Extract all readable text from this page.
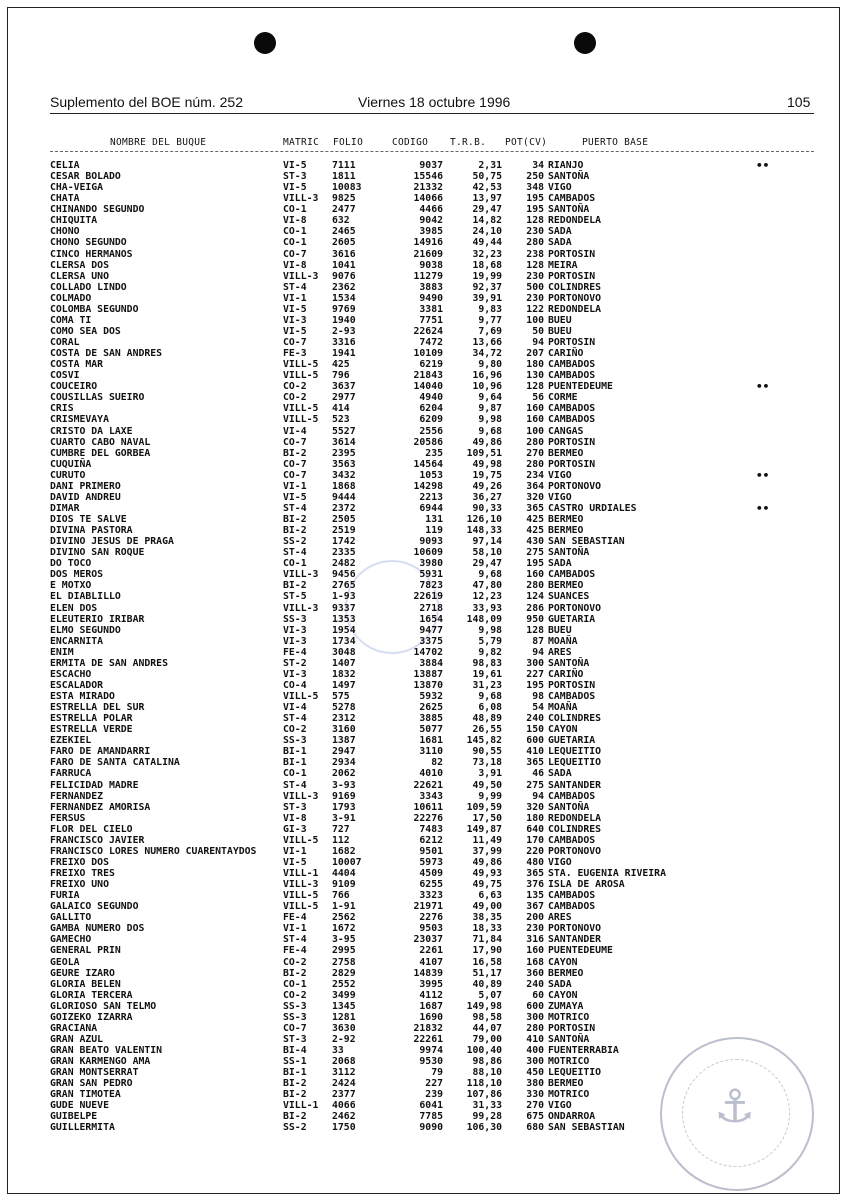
Suplemento del BOE núm. 252	Viernes 18 octubre 1996	105
NOMBRE DEL BUQUE	MATRIC FOLIO	CODIGO T.R.B. POT(CV)	PUERTO BASE
CELIA	VI-5	7111	9037	2,31	34 RIANJO	••
CESAR BOLADO	ST-3	1811	15546	50,75	250 SANTOÑA
CHA-VEIGA	VI-5	10083	21332	42,53	348 VIGO
CHATA	VILL-3 9825	14066	13,97	195 CAMBADOS
CHINANDO SEGUNDO	CO-1	2477	4466	29,47	195 SANTOÑA
CHIQUITA	VI-8	632	9042	14,82	128 REDONDELA
CHONO	CO-1	2465	3985	24,10	230 SADA
CHONO SEGUNDO	CO-1	2605	14916	49,44	280 SADA
CINCO HERMANOS	CO-7	3616	21609	32,23	238 PORTOSIN
CLERSA DOS	VI-8	1041	9038	18,68	128 MEIRA
CLERSA UNO	VILL-3 9076	11279	19,99	230 PORTOSIN
COLLADO LINDO	ST-4	2362	3883	92,37	500 COLINDRES
COLMADO	VI-1	1534	9490	39,91	230 PORTONOVO
COLOMBA SEGUNDO	VI-5	9769	3381	9,83	122 REDONDELA
COMA TI	VI-3	1940	7751	9,77	100 BUEU
COMO SEA DOS	VI-5	2-93	22624	7,69	50 BUEU
CORAL	CO-7	3316	7472	13,66	94 PORTOSIN
COSTA DE SAN ANDRES	FE-3	1941	10109	34,72	207 CARIÑO
COSTA MAR	VILL-5 425	6219	9,80	180 CAMBADOS
COSVI	VILL-5 796	21843	16,96	130 CAMBADOS
COUCEIRO	CO-2	3637	14040	10,96	128 PUENTEDEUME	••
COUSILLAS SUEIRO	CO-2	2977	4940	9,64	56 CORME
CRIS	VILL-5 414	6204	9,87	160 CAMBADOS
CRISMEVAYA	VILL-5 523	6209	9,98	160 CAMBADOS
CRISTO DA LAXE	VI-4	5527	2556	9,68	100 CANGAS
CUARTO CABO NAVAL	CO-7	3614	20586	49,86	280 PORTOSIN
CUMBRE DEL GORBEA	BI-2	2395	235	109,51	270 BERMEO
CUQUIÑA	CO-7	3563	14564	49,98	280 PORTOSIN
CURUTO	CO-7	3432	1053	19,75	234 VIGO	••
DANI PRIMERO	VI-1	1868	14298	49,26	364 PORTONOVO
DAVID ANDREU	VI-5	9444	2213	36,27	320 VIGO
DIMAR	ST-4	2372	6944	90,33	365 CASTRO URDIALES	••
DIOS TE SALVE	BI-2	2505	131	126,10	425 BERMEO
DIVINA PASTORA	BI-2	2519	119	148,33	425 BERMEO
DIVINO JESUS DE PRAGA	SS-2	1742	9093	97,14	430 SAN SEBASTIAN
DIVINO SAN ROQUE	ST-4	2335	10609	58,10	275 SANTOÑA
DO TOCO	CO-1	2482	3980	29,47	195 SADA
DOS MEROS	VILL-3 9456	5931	9,68	160 CAMBADOS
E MOTXO	BI-2	2765	7823	47,80	280 BERMEO
EL DIABLILLO	ST-5	1-93	22619	12,23	124 SUANCES
ELEN DOS	VILL-3 9337	2718	33,93	286 PORTONOVO
ELEUTERIO IRIBAR	SS-3	1353	1654	148,09	950 GUETARIA
ELMO SEGUNDO	VI-3	1954	9477	9,98	128 BUEU
ENCARNITA	VI-3	1734	3375	5,79	87 MOAÑA
ENIM	FE-4	3048	14702	9,82	94 ARES
ERMITA DE SAN ANDRES	ST-2	1407	3884	98,83	300 SANTOÑA
ESCACHO	VI-3	1832	13887	19,61	227 CARIÑO
ESCALADOR	CO-4	1497	13870	31,23	195 PORTOSIN
ESTA MIRADO	VILL-5 575	5932	9,68	98 CAMBADOS
ESTRELLA DEL SUR	VI-4	5278	2625	6,08	54 MOAÑA
ESTRELLA POLAR	ST-4	2312	3885	48,89	240 COLINDRES
ESTRELLA VERDE	CO-2	3160	5077	26,55	150 CAYON
EZEKIEL	SS-3	1387	1681	145,82	600 GUETARIA
FARO DE AMANDARRI	BI-1	2947	3110	90,55	410 LEQUEITIO
FARO DE SANTA CATALINA	BI-1	2934	82	73,18	365 LEQUEITIO
FARRUCA	CO-1	2062	4010	3,91	46 SADA
FELICIDAD MADRE	ST-4	3-93	22621	49,50	275 SANTANDER
FERNANDEZ	VILL-3 9169	3343	9,99	94 CAMBADOS
FERNANDEZ AMORISA	ST-3	1793	10611	109,59	320 SANTOÑA
FERSUS	VI-8	3-91	22276	17,50	180 REDONDELA
FLOR DEL CIELO	GI-3	727	7483	149,87	640 COLINDRES
FRANCISCO JAVIER	VILL-5 112	6212	11,49	170 CAMBADOS
FRANCISCO LORES NUMERO CUARENTAYDOS	VI-1	1682	9501	37,99	220 PORTONOVO
FREIXO DOS	VI-5	10007	5973	49,86	480 VIGO
FREIXO TRES	VILL-1 4404	4509	49,93	365 STA. EUGENIA RIVEIRA
FREIXO UNO	VILL-3 9109	6255	49,75	376 ISLA DE AROSA
FURIA	VILL-5 766	3323	6,63	135 CAMBADOS
GALAICO SEGUNDO	VILL-5 1-91	21971	49,00	367 CAMBADOS
GALLITO	FE-4	2562	2276	38,35	200 ARES
GAMBA NUMERO DOS	VI-1	1672	9503	18,33	230 PORTONOVO
GAMECHO	ST-4	3-95	23037	71,84	316 SANTANDER
GENERAL PRIN	FE-4	2995	2261	17,90	160 PUENTEDEUME
GEOLA	CO-2	2758	4107	16,58	168 CAYON
GEURE IZARO	BI-2	2829	14839	51,17	360 BERMEO
GLORIA BELEN	CO-1	2552	3995	40,89	240 SADA
GLORIA TERCERA	CO-2	3499	4112	5,07	60 CAYON
GLORIOSO SAN TELMO	SS-3	1345	1687	149,98	600 ZUMAYA
GOIZEKO IZARRA	SS-3	1281	1690	98,58	300 MOTRICO
GRACIANA	CO-7	3630	21832	44,07	280 PORTOSIN
GRAN AZUL	ST-3	2-92	22261	79,00	410 SANTOÑA
GRAN BEATO VALENTIN	BI-4	33	9974	100,40	400 FUENTERRABIA
GRAN KARMENGO AMA	SS-1	2068	9530	98,86	300 MOTRICO
GRAN MONTSERRAT	BI-1	3112	79	88,10	450 LEQUEITIO
GRAN SAN PEDRO	BI-2	2424	227	118,10	380 BERMEO
GRAN TIMOTEA	BI-2	2377	239	107,86	330 MOTRICO
GUDE NUEVE	VILL-1 4066	6041	31,33	270 VIGO
GUIBELPE	BI-2	2462	7785	99,28	675 ONDARROA
GUILLERMITA	SS-2	1750	9090	106,30	680 SAN SEBASTIAN ⚓
